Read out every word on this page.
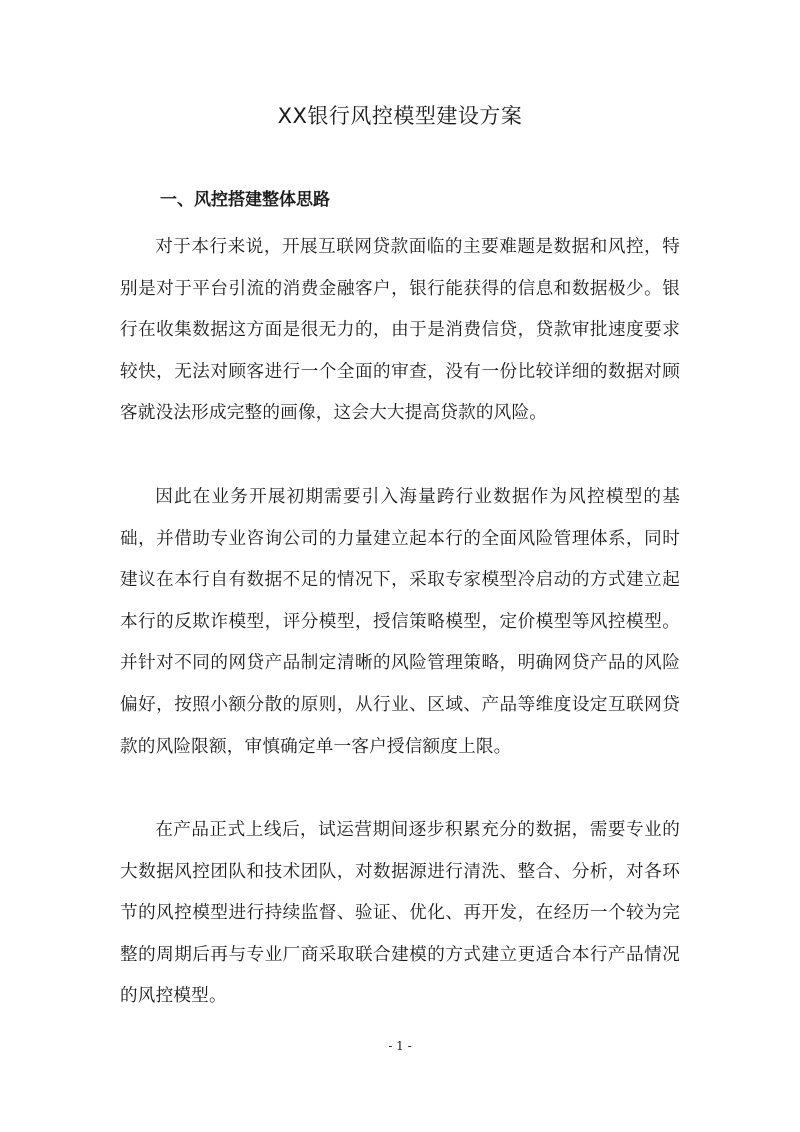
XX银行风控模型建设方案
一、风控搭建整体思路

对于本行来说，开展互联网贷款面临的主要难题是数据和风控，特别是对于平台引流的消费金融客户，银行能获得的信息和数据极少。银行在收集数据这方面是很无力的，由于是消费信贷，贷款审批速度要求较快，无法对顾客进行一个全面的审查，没有一份比较详细的数据对顾客就没法形成完整的画像，这会大大提高贷款的风险。

因此在业务开展初期需要引入海量跨行业数据作为风控模型的基础，并借助专业咨询公司的力量建立起本行的全面风险管理体系，同时建议在本行自有数据不足的情况下，采取专家模型冷启动的方式建立起本行的反欺诈模型，评分模型，授信策略模型，定价模型等风控模型。并针对不同的网贷产品制定清晰的风险管理策略，明确网贷产品的风险偏好，按照小额分散的原则，从行业、区域、产品等维度设定互联网贷款的风险限额，审慎确定单一客户授信额度上限。

在产品正式上线后，试运营期间逐步积累充分的数据，需要专业的大数据风控团队和技术团队，对数据源进行清洗、整合、分析，对各环节的风控模型进行持续监督、验证、优化、再开发，在经历一个较为完整的周期后再与专业厂商采取联合建模的方式建立更适合本行产品情况的风控模型。

- 1 -
